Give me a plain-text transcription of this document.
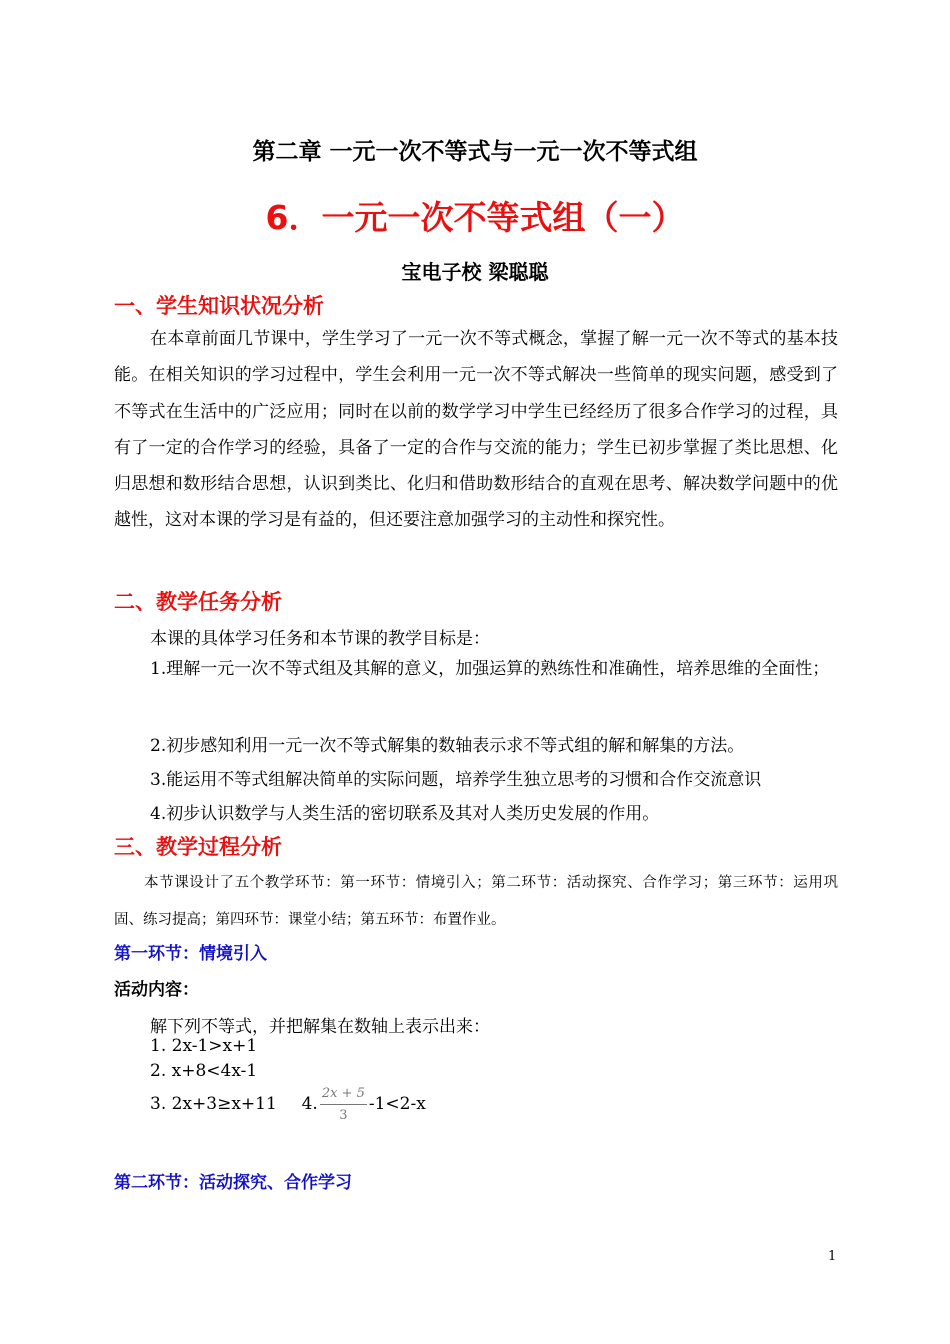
第二章 一元一次不等式与一元一次不等式组
6．一元一次不等式组（一）
宝电子校 梁聪聪
一、学生知识状况分析

在本章前面几节课中，学生学习了一元一次不等式概念，掌握了解一元一次不等式的基本技能。在相关知识的学习过程中，学生会利用一元一次不等式解决一些简单的现实问题，感受到了不等式在生活中的广泛应用；同时在以前的数学学习中学生已经经历了很多合作学习的过程，具有了一定的合作学习的经验，具备了一定的合作与交流的能力；学生已初步掌握了类比思想、化归思想和数形结合思想，认识到类比、化归和借助数形结合的直观在思考、解决数学问题中的优越性，这对本课的学习是有益的，但还要注意加强学习的主动性和探究性。

二、教学任务分析

本课的具体学习任务和本节课的教学目标是：

1.理解一元一次不等式组及其解的意义，加强运算的熟练性和准确性，培养思维的全面性；

2.初步感知利用一元一次不等式解集的数轴表示求不等式组的解和解集的方法。

3.能运用不等式组解决简单的实际问题，培养学生独立思考的习惯和合作交流意识

4.初步认识数学与人类生活的密切联系及其对人类历史发展的作用。

三、教学过程分析

本节课设计了五个教学环节：第一环节：情境引入；第二环节：活动探究、合作学习；第三环节：运用巩固、练习提高；第四环节：课堂小结；第五环节：布置作业。

第一环节：情境引入
活动内容：

解下列不等式，并把解集在数轴上表示出来：

1. 2x-1>x+1

2. x+8<4x-1

3. 2x+3≥x+11 4. $\frac{2x + 5}{3} -1<2-x$
第二环节：活动探究、合作学习
1
